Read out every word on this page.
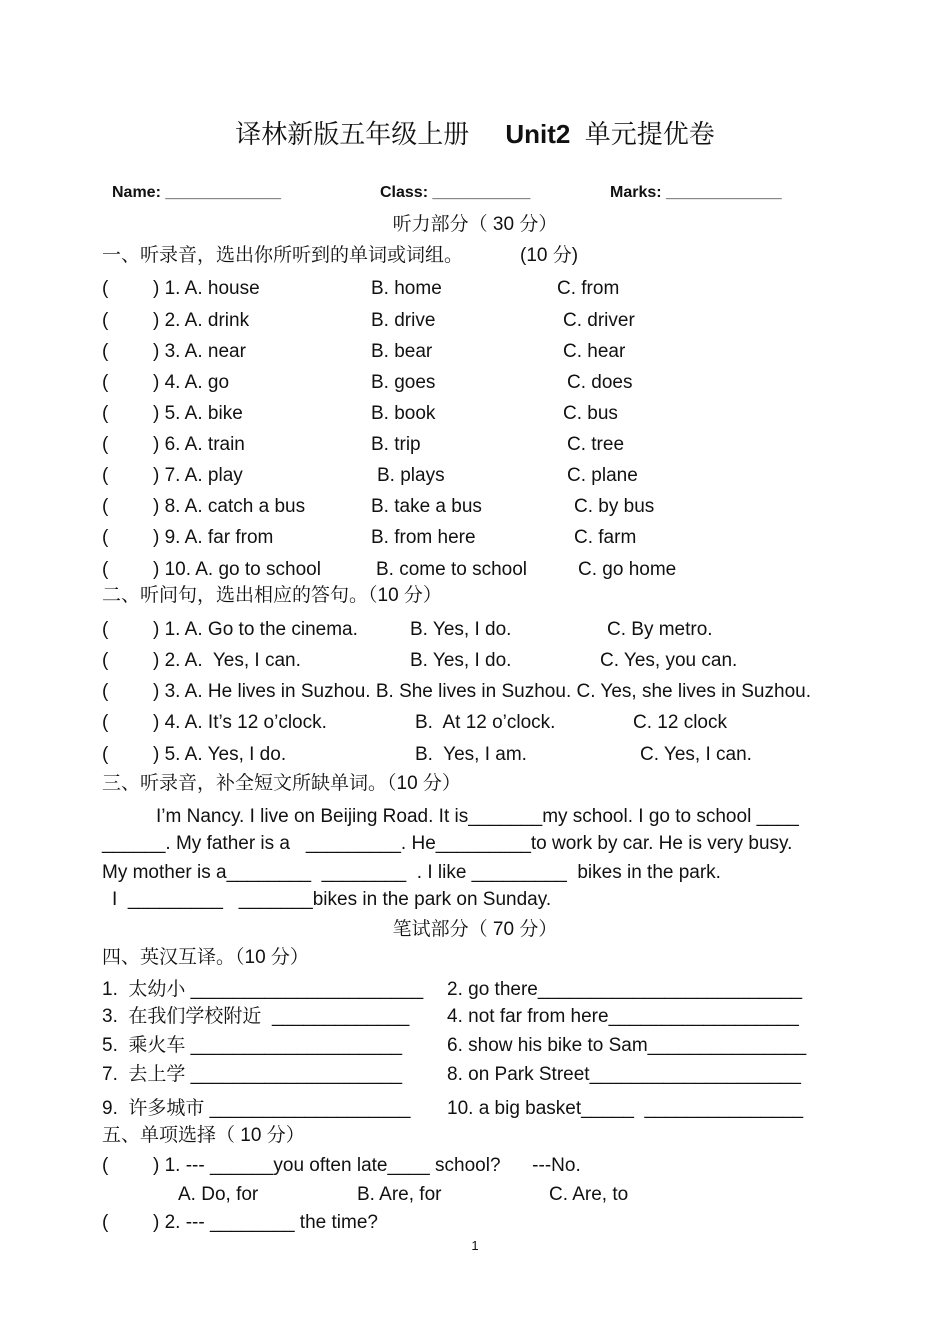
译林新版五年级上册 Unit2 单元提优卷
Name: _____________	Class: ___________	Marks: _____________
听力部分（ 30 分）
一、听录音，选出你所听到的单词或词组。	(10 分)
( ) 1. A. house	B. home	C. from
( ) 2. A. drink	B. drive	C. driver
( ) 3. A. near	B. bear	C. hear
( ) 4. A. go	B. goes	C. does
( ) 5. A. bike	B. book	C. bus
( ) 6. A. train	B. trip	C. tree
( ) 7. A. play	B. plays	C. plane
( ) 8. A. catch a bus	B. take a bus	C. by bus
( ) 9. A. far from	B. from here	C. farm
( ) 10. A. go to school	B. come to school	C. go home
二、听问句，选出相应的答句。（10 分）
( ) 1. A. Go to the cinema.	B. Yes, I do.	C. By metro.
( ) 2. A.  Yes, I can.	B. Yes, I do.	C. Yes, you can.
( ) 3. A. He lives in Suzhou. B. She lives in Suzhou. C. Yes, she lives in Suzhou.
( ) 4. A. It’s 12 o’clock.	B.  At 12 o’clock.	C. 12 clock
( ) 5. A. Yes, I do.	B.  Yes, I am.	C. Yes, I can.
三、听录音，补全短文所缺单词。（10 分）
I’m Nancy. I live on Beijing Road. It is_______my school. I go to school ____
______. My father is a   _________. He_________to work by car. He is very busy.
My mother is a________  ________  . I like _________  bikes in the park.
I  _________   _______bikes in the park on Sunday.
笔试部分（ 70 分）
四、英汉互译。（10 分）
1.  太幼小 ______________________ 2. go there_________________________
3.  在我们学校附近  _____________ 4. not far from here__________________
5.  乘火车 ____________________ 6. show his bike to Sam_______________
7.  去上学 ____________________ 8. on Park Street____________________
9.  许多城市 ___________________ 10. a big basket_____  _______________
五、单项选择（ 10 分）
( ) 1. --- ______you often late____ school?      ---No.
A. Do, for	B. Are, for	C. Are, to
( ) 2. --- ________ the time?
1
